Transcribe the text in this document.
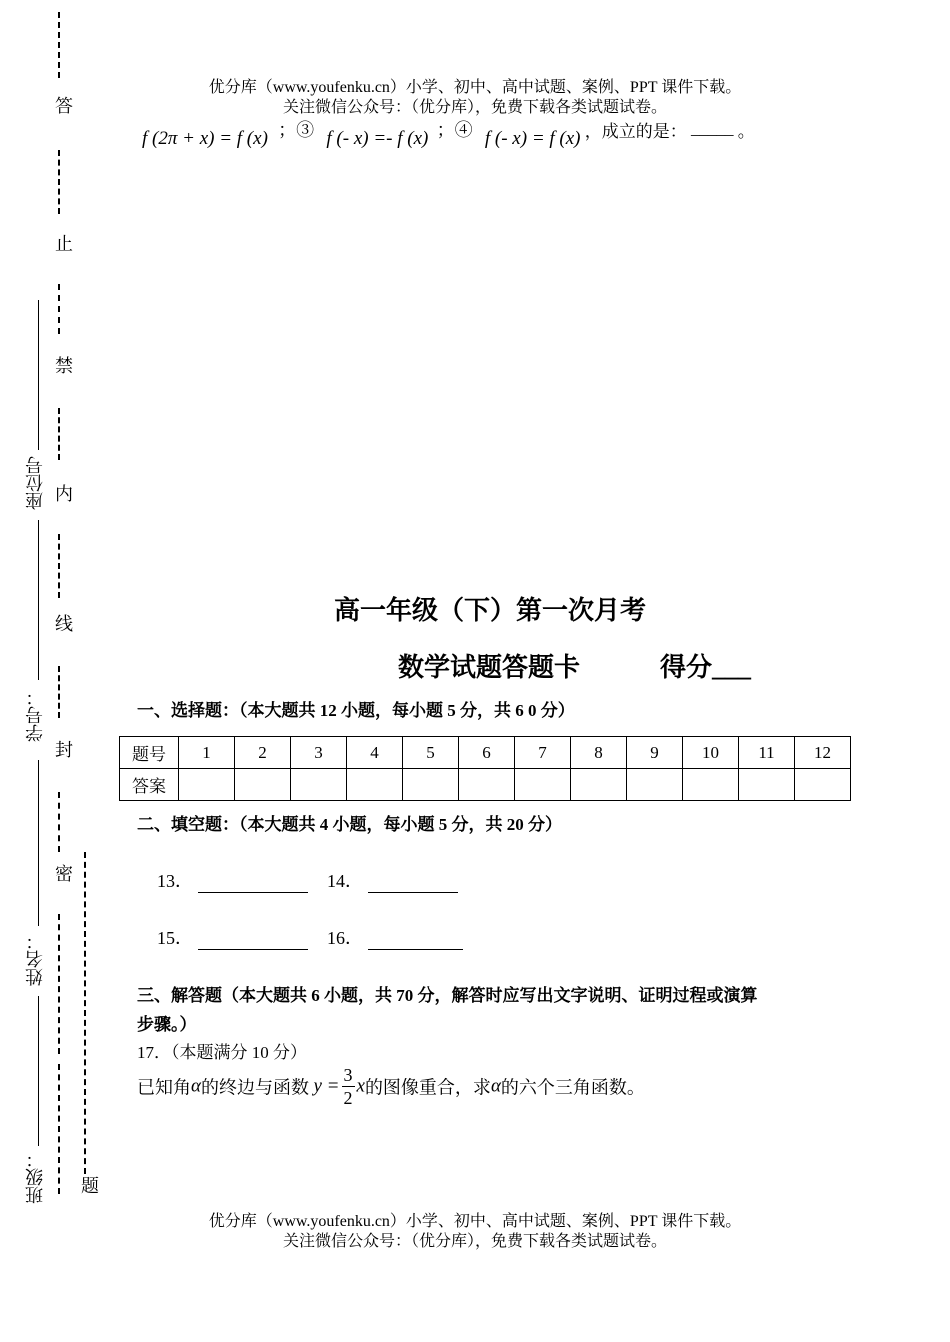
优分库（www.youfenku.cn）小学、初中、高中试题、案例、PPT 课件下载。
关注微信公众号：（优分库），免费下载各类试题试卷。
f (2π + x) = f (x) ；③ f (- x) =- f (x) ；④ f (- x) = f (x) ，成立的是： _____ 。
答
止
禁
内
线
封
密
题
座位号
学号：
姓名：
班级：
高一年级（下）第一次月考
数学试题答题卡	得分___
一、选择题：（本大题共 12 小题，每小题 5 分，共 6 0 分）
题号	1	2	3	4	5	6	7	8	9	10	11	12
答案												
二、填空题：（本大题共 4 小题，每小题 5 分，共 20 分）
13．	14．
15．	16．
三、解答题（本大题共 6 小题，共 70 分，解答时应写出文字说明、证明过程或演算
步骤。）
17．（本题满分 10 分）
已知角α的终边与函数 $y = \frac{3}{2}$ x的图像重合，求α的六个三角函数。
优分库（www.youfenku.cn）小学、初中、高中试题、案例、PPT 课件下载。
关注微信公众号：（优分库），免费下载各类试题试卷。
